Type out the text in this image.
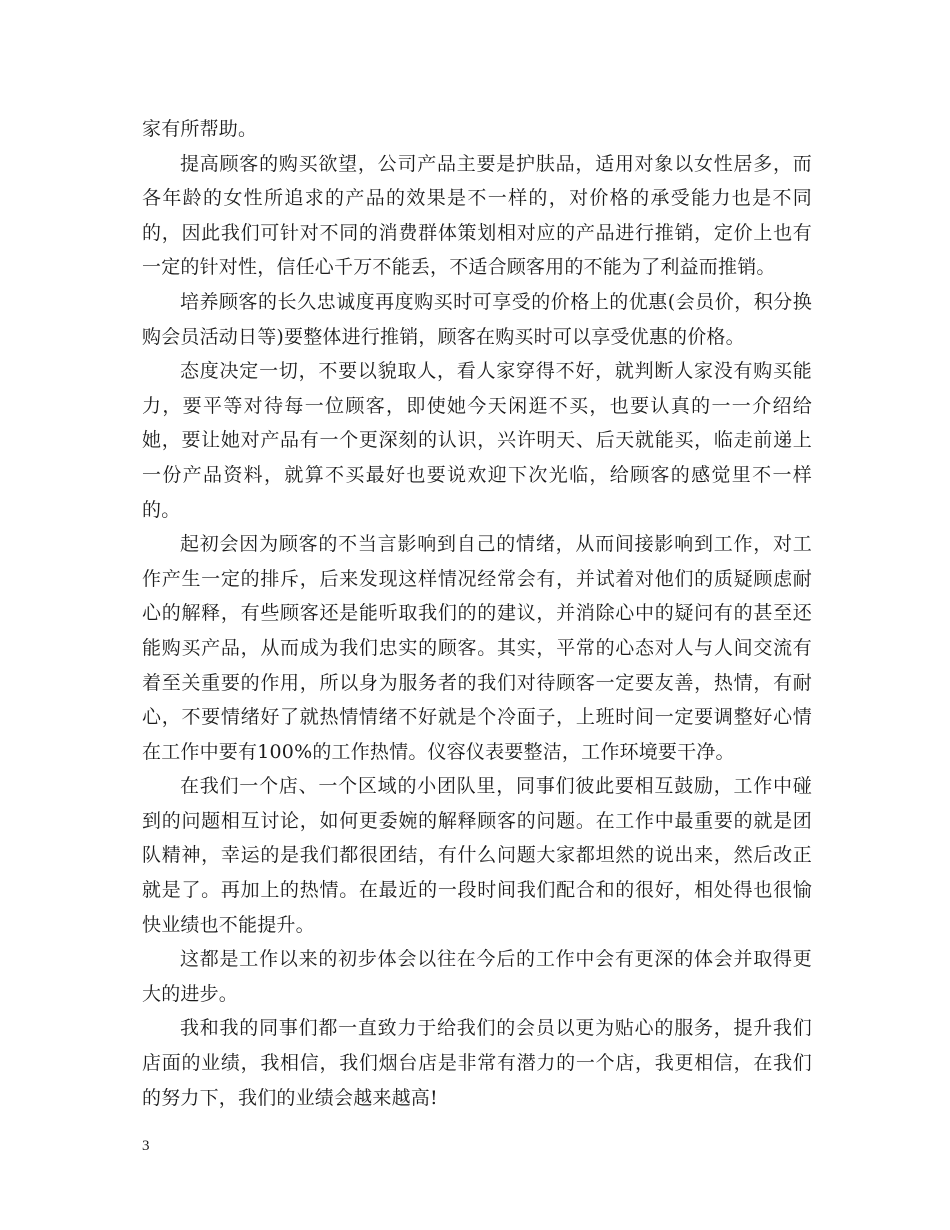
家有所帮助。

提高顾客的购买欲望，公司产品主要是护肤品，适用对象以女性居多，而各年龄的女性所追求的产品的效果是不一样的，对价格的承受能力也是不同的，因此我们可针对不同的消费群体策划相对应的产品进行推销，定价上也有一定的针对性，信任心千万不能丢，不适合顾客用的不能为了利益而推销。

培养顾客的长久忠诚度再度购买时可享受的价格上的优惠(会员价，积分换购会员活动日等)要整体进行推销，顾客在购买时可以享受优惠的价格。

态度决定一切，不要以貌取人，看人家穿得不好，就判断人家没有购买能力，要平等对待每一位顾客，即使她今天闲逛不买，也要认真的一一介绍给她，要让她对产品有一个更深刻的认识，兴许明天、后天就能买，临走前递上一份产品资料，就算不买最好也要说欢迎下次光临，给顾客的感觉里不一样的。

起初会因为顾客的不当言影响到自己的情绪，从而间接影响到工作，对工作产生一定的排斥，后来发现这样情况经常会有，并试着对他们的质疑顾虑耐心的解释，有些顾客还是能听取我们的的建议，并消除心中的疑问有的甚至还能购买产品，从而成为我们忠实的顾客。其实，平常的心态对人与人间交流有着至关重要的作用，所以身为服务者的我们对待顾客一定要友善，热情，有耐心，不要情绪好了就热情情绪不好就是个冷面子，上班时间一定要调整好心情在工作中要有100%的工作热情。仪容仪表要整洁，工作环境要干净。

在我们一个店、一个区域的小团队里，同事们彼此要相互鼓励，工作中碰到的问题相互讨论，如何更委婉的解释顾客的问题。在工作中最重要的就是团队精神，幸运的是我们都很团结，有什么问题大家都坦然的说出来，然后改正就是了。再加上的热情。在最近的一段时间我们配合和的很好，相处得也很愉快业绩也不能提升。

这都是工作以来的初步体会以往在今后的工作中会有更深的体会并取得更大的进步。

我和我的同事们都一直致力于给我们的会员以更为贴心的服务，提升我们店面的业绩，我相信，我们烟台店是非常有潜力的一个店，我更相信，在我们的努力下，我们的业绩会越来越高!

3
